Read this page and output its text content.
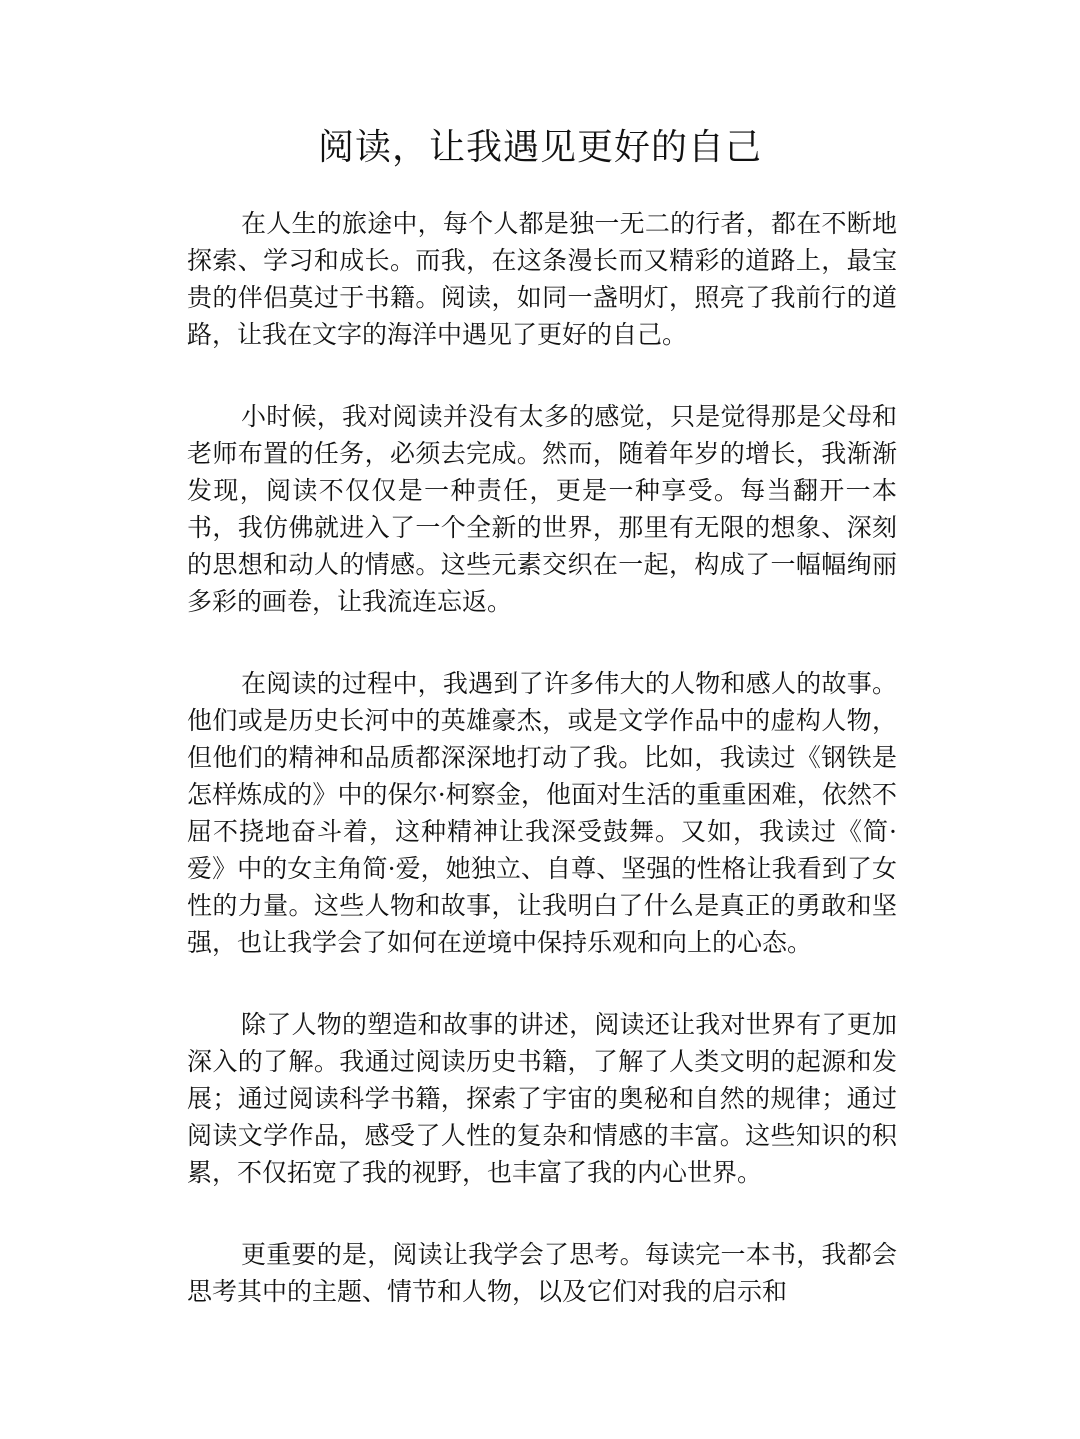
阅读，让我遇见更好的自己

在人生的旅途中，每个人都是独一无二的行者，都在不断地探索、学习和成长。而我，在这条漫长而又精彩的道路上，最宝贵的伴侣莫过于书籍。阅读，如同一盏明灯，照亮了我前行的道路，让我在文字的海洋中遇见了更好的自己。

小时候，我对阅读并没有太多的感觉，只是觉得那是父母和老师布置的任务，必须去完成。然而，随着年岁的增长，我渐渐发现，阅读不仅仅是一种责任，更是一种享受。每当翻开一本书，我仿佛就进入了一个全新的世界，那里有无限的想象、深刻的思想和动人的情感。这些元素交织在一起，构成了一幅幅绚丽多彩的画卷，让我流连忘返。

在阅读的过程中，我遇到了许多伟大的人物和感人的故事。他们或是历史长河中的英雄豪杰，或是文学作品中的虚构人物，但他们的精神和品质都深深地打动了我。比如，我读过《钢铁是怎样炼成的》中的保尔·柯察金，他面对生活的重重困难，依然不屈不挠地奋斗着，这种精神让我深受鼓舞。又如，我读过《简·爱》中的女主角简·爱，她独立、自尊、坚强的性格让我看到了女性的力量。这些人物和故事，让我明白了什么是真正的勇敢和坚强，也让我学会了如何在逆境中保持乐观和向上的心态。

除了人物的塑造和故事的讲述，阅读还让我对世界有了更加深入的了解。我通过阅读历史书籍，了解了人类文明的起源和发展；通过阅读科学书籍，探索了宇宙的奥秘和自然的规律；通过阅读文学作品，感受了人性的复杂和情感的丰富。这些知识的积累，不仅拓宽了我的视野，也丰富了我的内心世界。

更重要的是，阅读让我学会了思考。每读完一本书，我都会思考其中的主题、情节和人物，以及它们对我的启示和
